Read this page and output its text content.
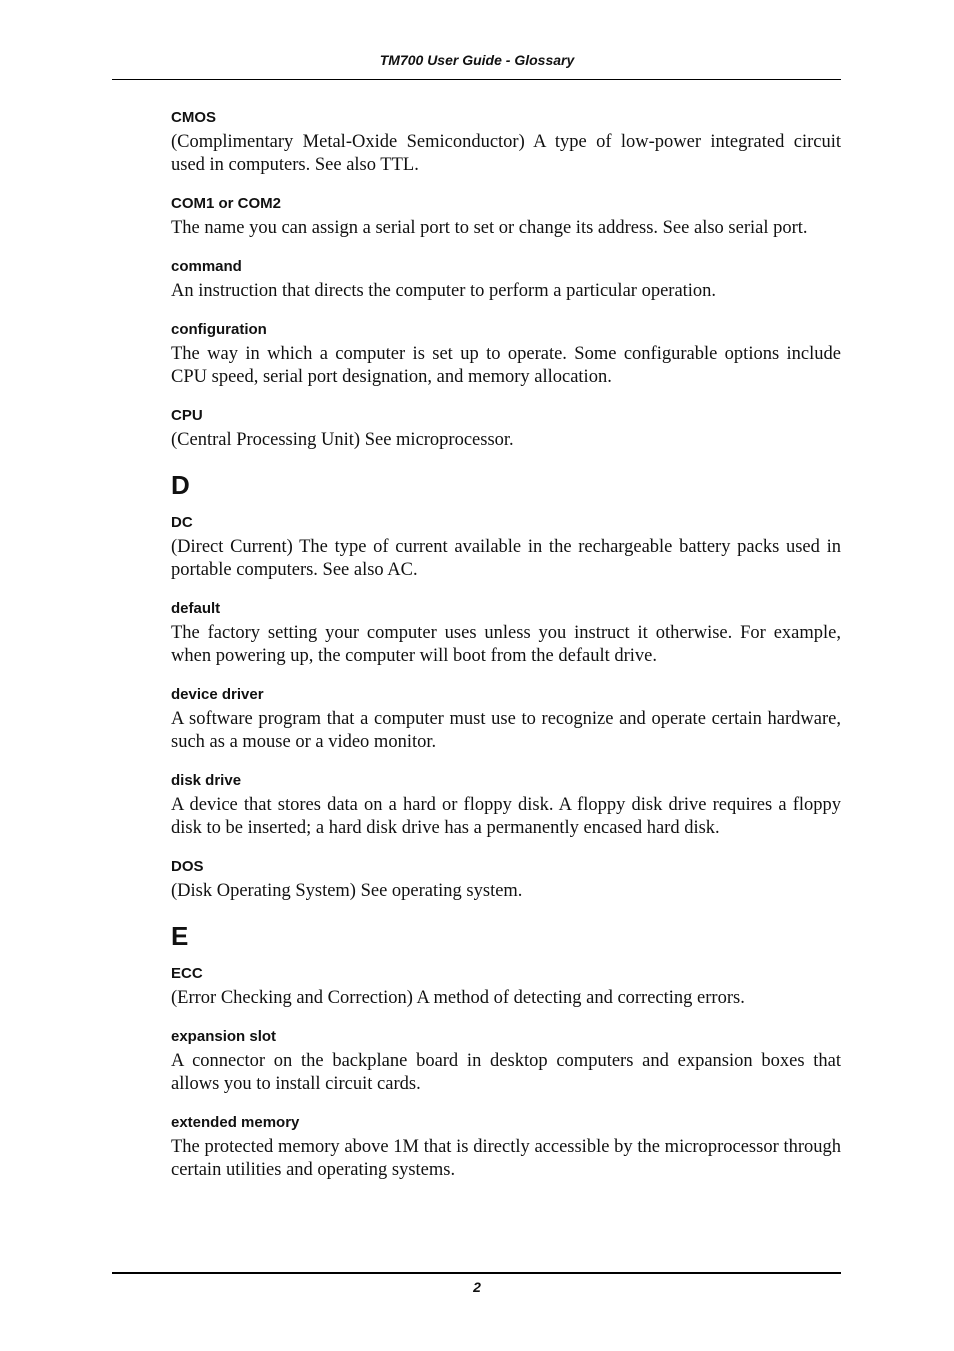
TM700 User Guide - Glossary

CMOS

(Complimentary Metal-Oxide Semiconductor) A type of low-power integrated circuit used in computers. See also TTL.

COM1 or COM2

The name you can assign a serial port to set or change its address. See also serial port.

command

An instruction that directs the computer to perform a particular operation.

configuration

The way in which a computer is set up to operate. Some configurable options include CPU speed, serial port designation, and memory allocation.

CPU

(Central Processing Unit) See microprocessor.

D

DC

(Direct Current) The type of current available in the rechargeable battery packs used in portable computers. See also AC.

default

The factory setting your computer uses unless you instruct it otherwise. For example, when powering up, the computer will boot from the default drive.

device driver

A software program that a computer must use to recognize and operate certain hardware, such as a mouse or a video monitor.

disk drive

A device that stores data on a hard or floppy disk. A floppy disk drive requires a floppy disk to be inserted; a hard disk drive has a permanently encased hard disk.

DOS

(Disk Operating System) See operating system.

E

ECC

(Error Checking and Correction) A method of detecting and correcting errors.

expansion slot

A connector on the backplane board in desktop computers and expansion boxes that allows you to install circuit cards.

extended memory

The protected memory above 1M that is directly accessible by the microprocessor through certain utilities and operating systems.

2
